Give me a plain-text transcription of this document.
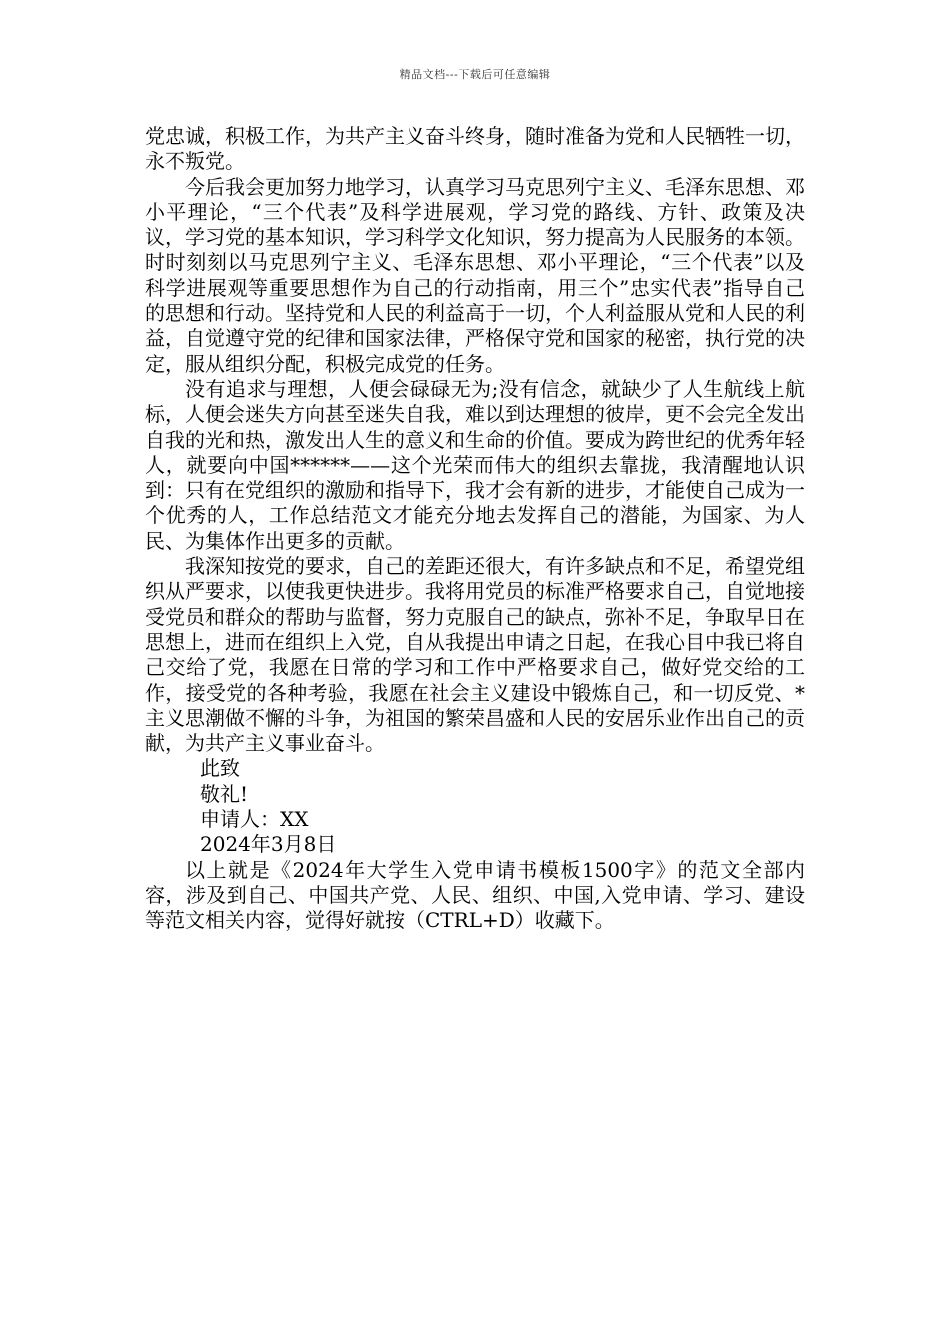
精品文档---下载后可任意编辑

党忠诚，积极工作，为共产主义奋斗终身，随时准备为党和人民牺牲一切，永不叛党。

今后我会更加努力地学习，认真学习马克思列宁主义、毛泽东思想、邓小平理论，“三个代表”及科学进展观，学习党的路线、方针、政策及决议，学习党的基本知识，学习科学文化知识，努力提高为人民服务的本领。时时刻刻以马克思列宁主义、毛泽东思想、邓小平理论，“三个代表”以及科学进展观等重要思想作为自己的行动指南，用三个”忠实代表”指导自己的思想和行动。坚持党和人民的利益高于一切，个人利益服从党和人民的利益，自觉遵守党的纪律和国家法律，严格保守党和国家的秘密，执行党的决定，服从组织分配，积极完成党的任务。

没有追求与理想，人便会碌碌无为;没有信念，就缺少了人生航线上航标，人便会迷失方向甚至迷失自我，难以到达理想的彼岸，更不会完全发出自我的光和热，激发出人生的意义和生命的价值。要成为跨世纪的优秀年轻人，就要向中国******——这个光荣而伟大的组织去靠拢，我清醒地认识到：只有在党组织的激励和指导下，我才会有新的进步，才能使自己成为一个优秀的人，工作总结范文才能充分地去发挥自己的潜能，为国家、为人民、为集体作出更多的贡献。

我深知按党的要求，自己的差距还很大，有许多缺点和不足，希望党组织从严要求，以使我更快进步。我将用党员的标准严格要求自己，自觉地接受党员和群众的帮助与监督，努力克服自己的缺点，弥补不足，争取早日在思想上，进而在组织上入党，自从我提出申请之日起，在我心目中我已将自己交给了党，我愿在日常的学习和工作中严格要求自己，做好党交给的工作，接受党的各种考验，我愿在社会主义建设中锻炼自己，和一切反党、*主义思潮做不懈的斗争，为祖国的繁荣昌盛和人民的安居乐业作出自己的贡献，为共产主义事业奋斗。

此致

敬礼!

申请人：XX

2024年3月8日

以上就是《2024年大学生入党申请书模板1500字》的范文全部内容，涉及到自己、中国共产党、人民、组织、中国,入党申请、学习、建设等范文相关内容，觉得好就按（CTRL+D）收藏下。
